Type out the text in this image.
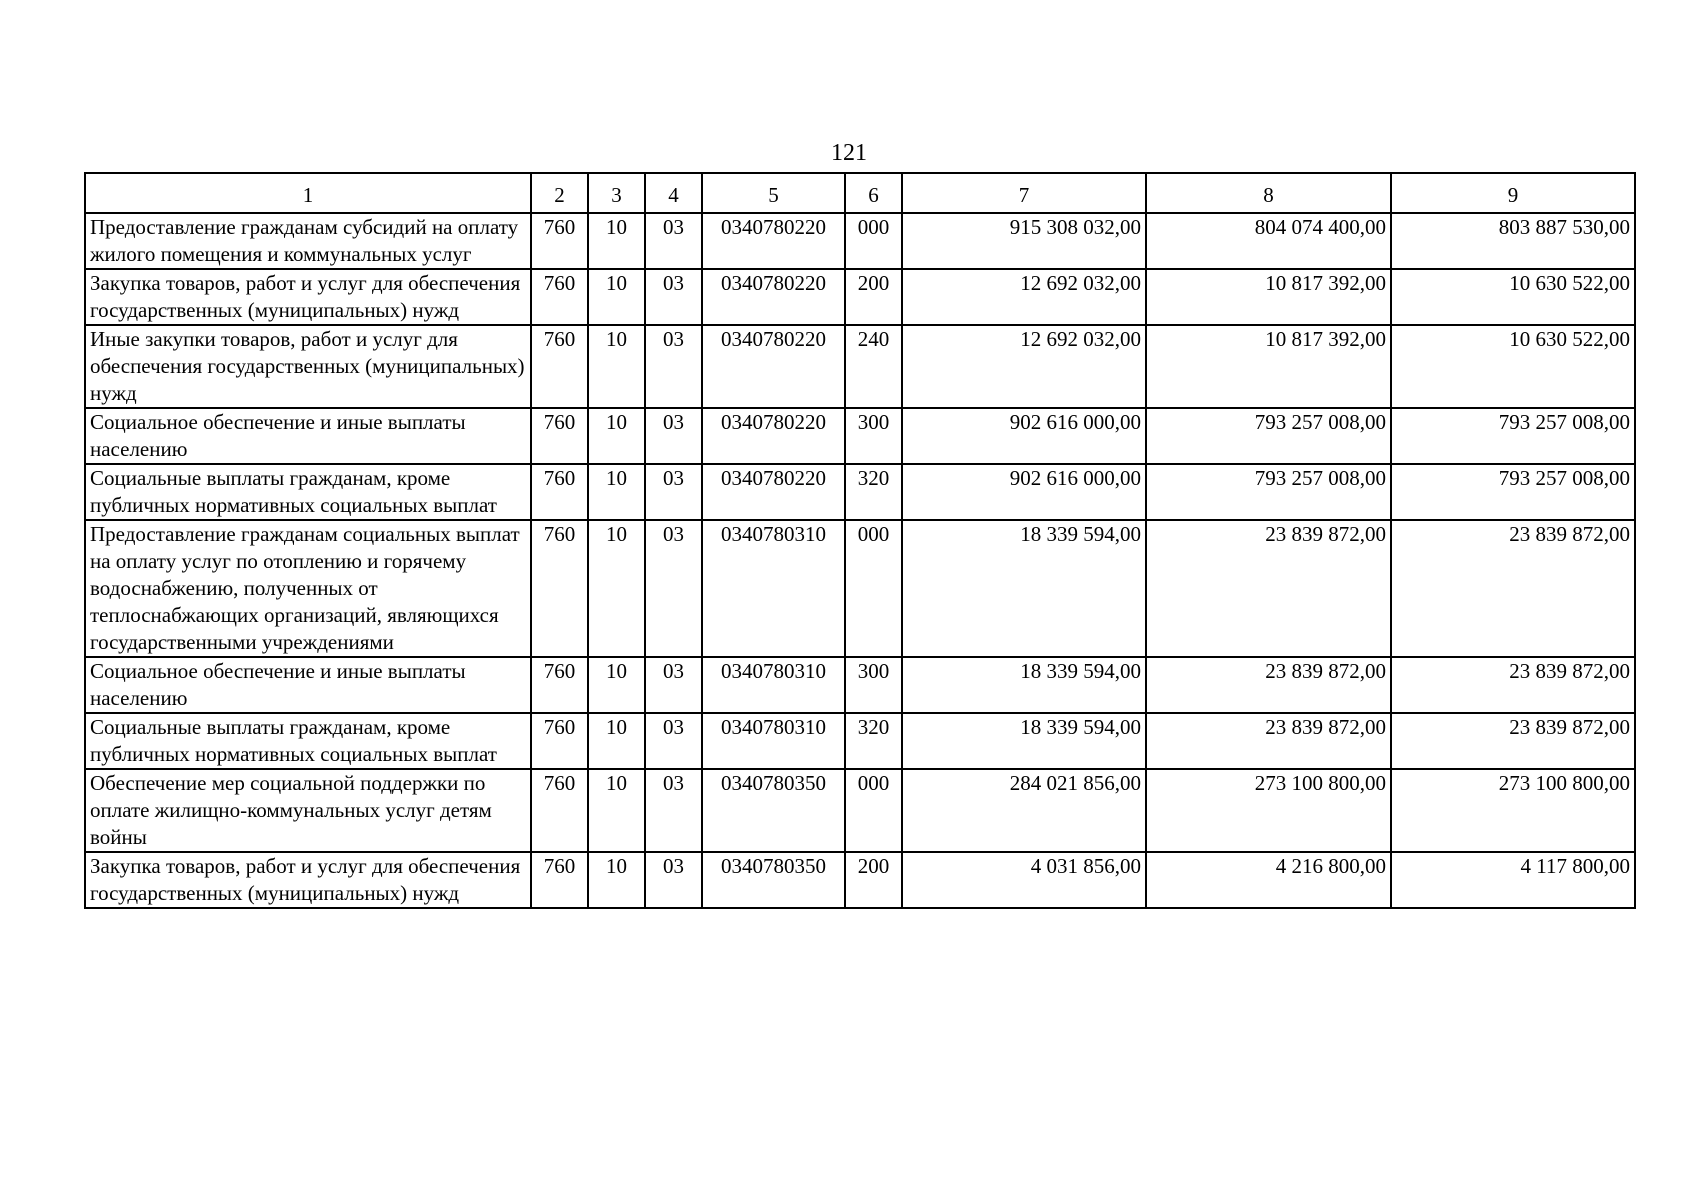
121
1	2	3	4	5	6	7	8	9
Предоставление гражданам субсидий на оплату жилого помещения и коммунальных услуг	760	10	03	0340780220	000	915 308 032,00	804 074 400,00	803 887 530,00
Закупка товаров, работ и услуг для обеспечения государственных (муниципальных) нужд	760	10	03	0340780220	200	12 692 032,00	10 817 392,00	10 630 522,00
Иные закупки товаров, работ и услуг для обеспечения государственных (муниципальных) нужд	760	10	03	0340780220	240	12 692 032,00	10 817 392,00	10 630 522,00
Социальное обеспечение и иные выплаты населению	760	10	03	0340780220	300	902 616 000,00	793 257 008,00	793 257 008,00
Социальные выплаты гражданам, кроме публичных нормативных социальных выплат	760	10	03	0340780220	320	902 616 000,00	793 257 008,00	793 257 008,00
Предоставление гражданам социальных выплат на оплату услуг по отоплению и горячему водоснабжению, полученных от теплоснабжающих организаций, являющихся государственными учреждениями	760	10	03	0340780310	000	18 339 594,00	23 839 872,00	23 839 872,00
Социальное обеспечение и иные выплаты населению	760	10	03	0340780310	300	18 339 594,00	23 839 872,00	23 839 872,00
Социальные выплаты гражданам, кроме публичных нормативных социальных выплат	760	10	03	0340780310	320	18 339 594,00	23 839 872,00	23 839 872,00
Обеспечение мер социальной поддержки по оплате жилищно-коммунальных услуг детям войны	760	10	03	0340780350	000	284 021 856,00	273 100 800,00	273 100 800,00
Закупка товаров, работ и услуг для обеспечения государственных (муниципальных) нужд	760	10	03	0340780350	200	4 031 856,00	4 216 800,00	4 117 800,00
